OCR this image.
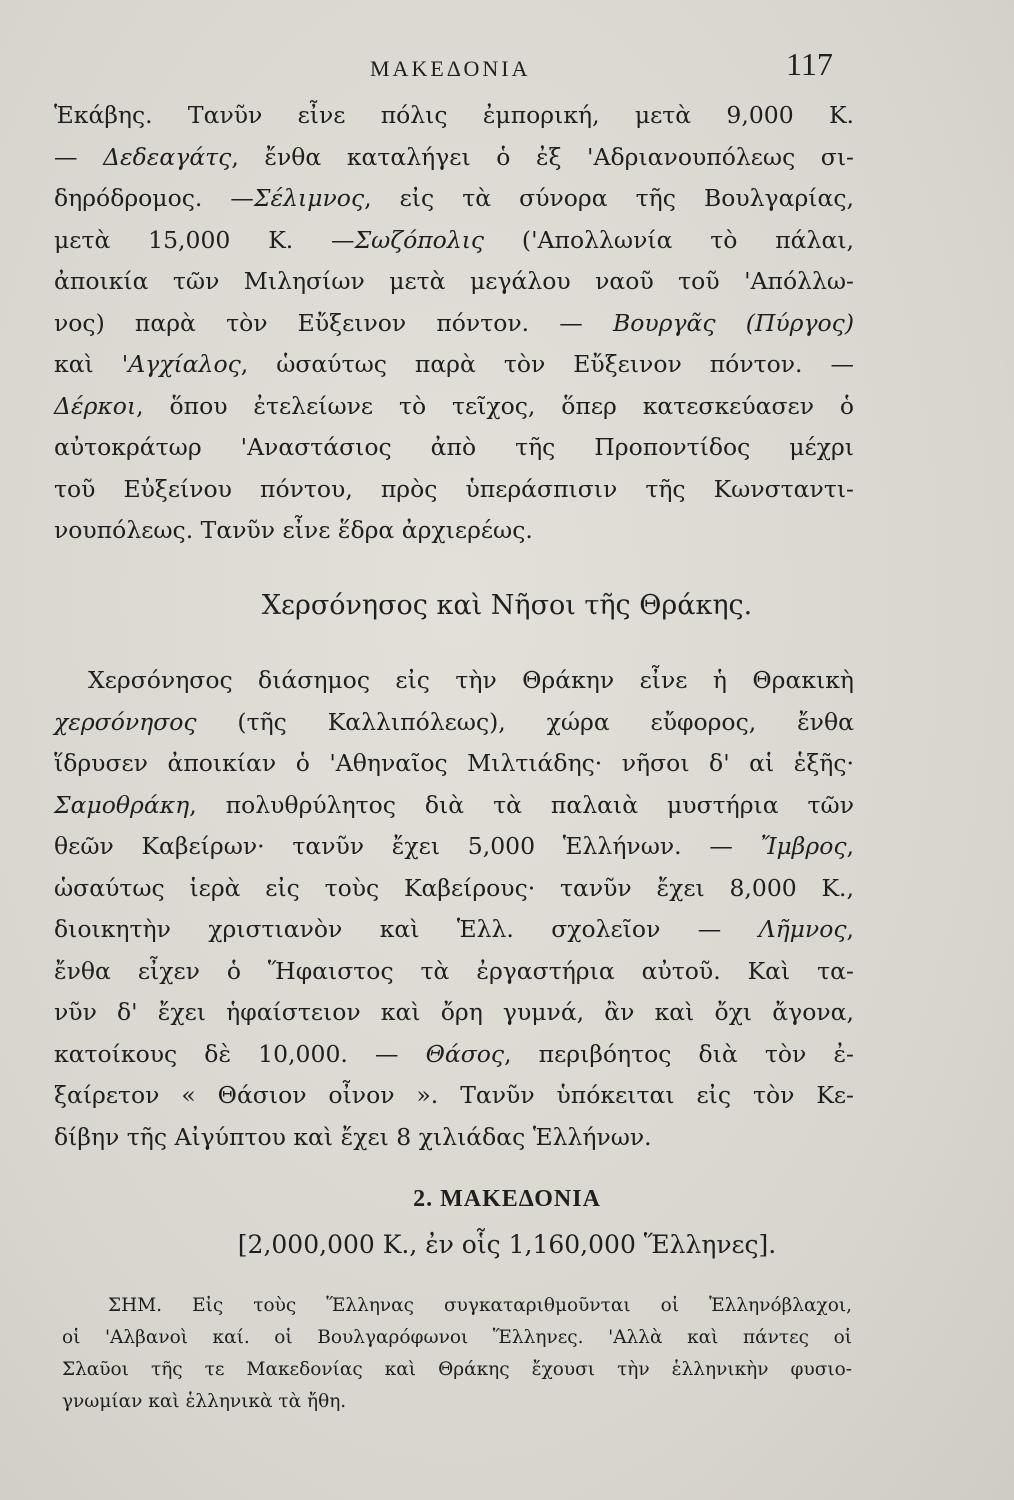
ΜΑΚΕΔΟΝΙΑ	117
Ἑκάβης. Τανῦν εἶνε πόλις ἐμπορική, μετὰ 9,000 Κ.
— Δεδεαγάτς, ἔνθα καταλήγει ὁ ἐξ 'Αδριανουπόλεως σι-
δηρόδρομος. —Σέλιμνος, εἰς τὰ σύνορα τῆς Βουλγαρίας,
μετὰ 15,000 Κ. —Σωζόπολις ('Απολλωνία τὸ πάλαι,
ἀποικία τῶν Μιλησίων μετὰ μεγάλου ναοῦ τοῦ 'Απόλλω-
νος) παρὰ τὸν Εὔξεινον πόντον. — Βουργᾶς (Πύργος)
καὶ 'Αγχίαλος, ὡσαύτως παρὰ τὸν Εὔξεινον πόντον. —
Δέρκοι, ὅπου ἐτελείωνε τὸ τεῖχος, ὅπερ κατεσκεύασεν ὁ
αὐτοκράτωρ 'Αναστάσιος ἀπὸ τῆς Προποντίδος μέχρι
τοῦ Εὐξείνου πόντου, πρὸς ὑπεράσπισιν τῆς Κωνσταντι-
νουπόλεως. Τανῦν εἶνε ἕδρα ἀρχιερέως.
Χερσόνησος καὶ Νῆσοι τῆς Θράκης.
Χερσόνησος διάσημος εἰς τὴν Θράκην εἶνε ἡ Θρακικὴ
χερσόνησος (τῆς Καλλιπόλεως), χώρα εὔφορος, ἔνθα
ἵδρυσεν ἀποικίαν ὁ 'Αθηναῖος Μιλτιάδης· νῆσοι δ' αἱ ἑξῆς·
Σαμοθράκη, πολυθρύλητος διὰ τὰ παλαιὰ μυστήρια τῶν
θεῶν Καβείρων· τανῦν ἔχει 5,000 Ἑλλήνων. — Ἴμβρος,
ὡσαύτως ἱερὰ εἰς τοὺς Καβείρους· τανῦν ἔχει 8,000 Κ.,
διοικητὴν χριστιανὸν καὶ Ἑλλ. σχολεῖον — Λῆμνος,
ἔνθα εἶχεν ὁ Ἥφαιστος τὰ ἐργαστήρια αὐτοῦ. Καὶ τα-
νῦν δ' ἔχει ἡφαίστειον καὶ ὄρη γυμνά, ἂν καὶ ὄχι ἄγονα,
κατοίκους δὲ 10,000. — Θάσος, περιβόητος διὰ τὸν ἐ-
ξαίρετον « Θάσιον οἶνον ». Τανῦν ὑπόκειται εἰς τὸν Κε-
δίβην τῆς Αἰγύπτου καὶ ἔχει 8 χιλιάδας Ἑλλήνων.
2. ΜΑΚΕΔΟΝΙΑ
[2,000,000 Κ., ἐν οἷς 1,160,000 Ἕλληνες].
ΣΗΜ. Εἰς τοὺς Ἕλληνας συγκαταριθμοῦνται οἱ Ἑλληνόβλαχοι,
οἱ 'Αλβανοὶ καί. οἱ Βουλγαρόφωνοι Ἕλληνες. 'Αλλὰ καὶ πάντες οἱ
Σλαῦοι τῆς τε Μακεδονίας καὶ Θράκης ἔχουσι τὴν ἑλληνικὴν φυσιο-
γνωμίαν καὶ ἑλληνικὰ τὰ ἤθη.
